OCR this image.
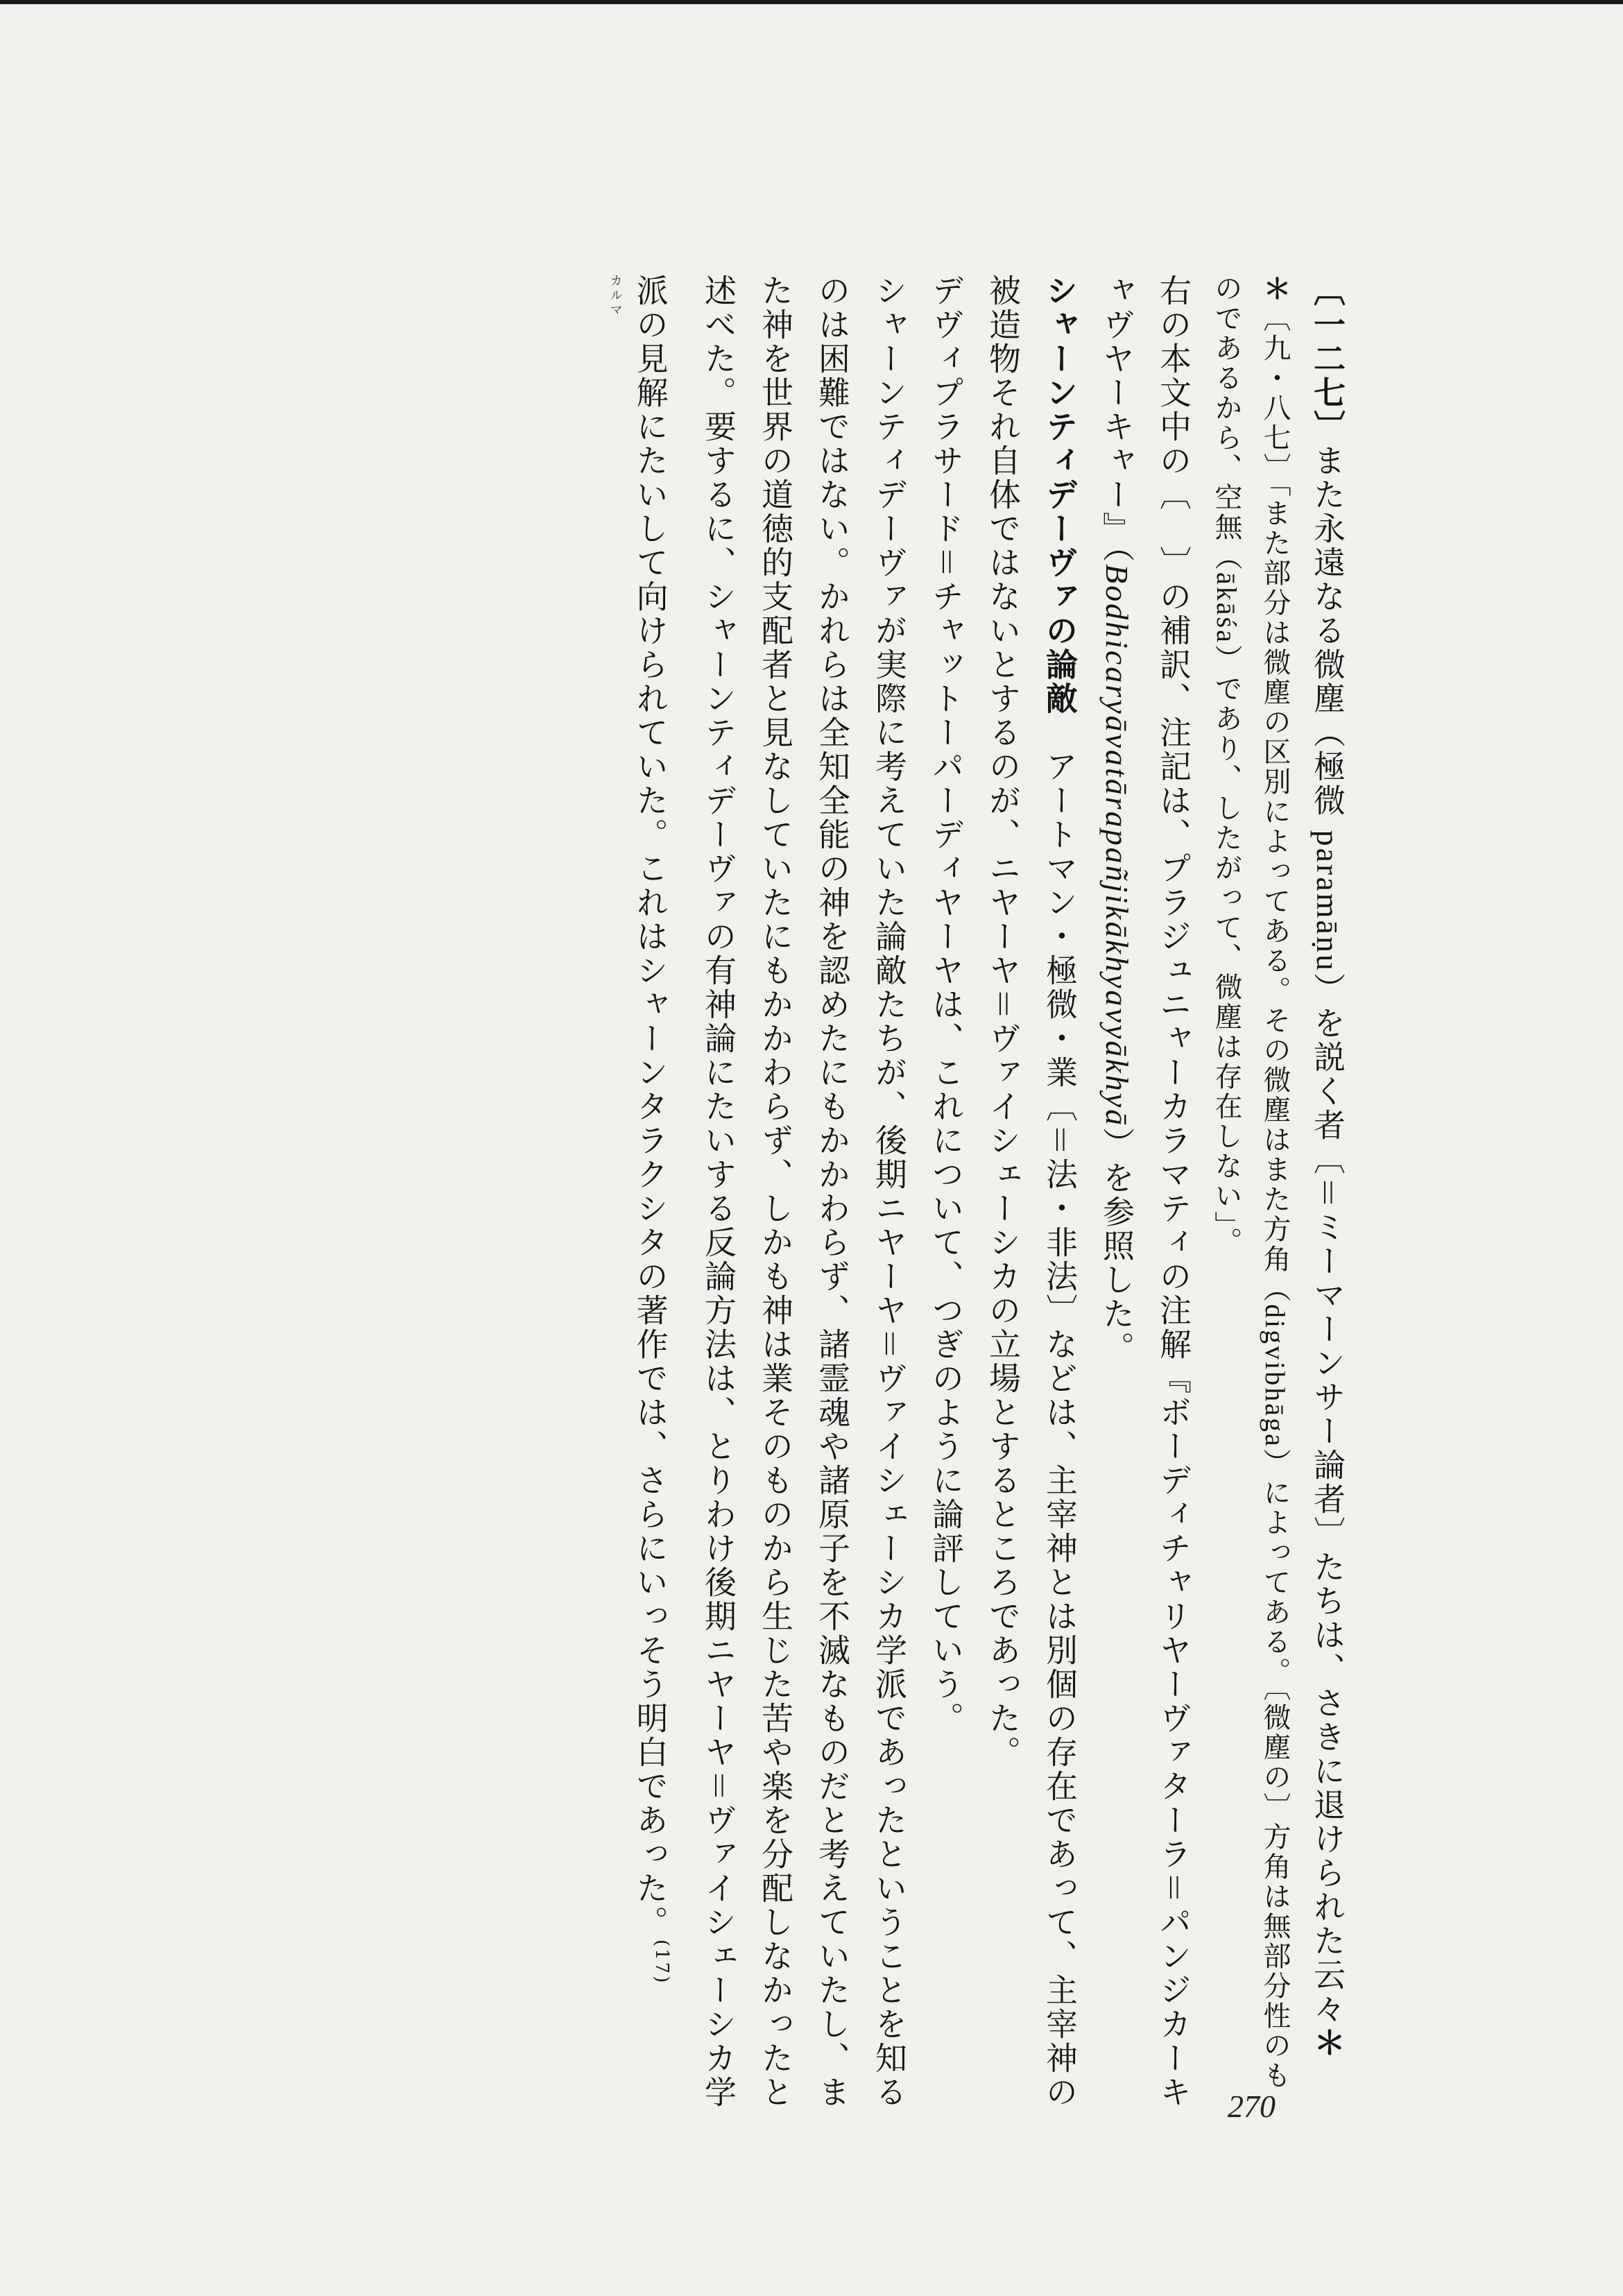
〔一二七〕また永遠なる微塵（極微 paramāṇu）を説く者〔＝ミーマーンサー論者〕たちは、さきに退けられた云々＊

＊〔九・八七〕「また部分は微塵の区別によってある。その微塵はまた方角（digvibhāga）によってある。〔微塵の〕方角は無部分性のものであるから、空無（ākāśa）であり、したがって、微塵は存在しない」。

右の本文中の〔　〕の補訳、注記は、プラジュニャーカラマティの注解『ボーディチャリヤーヴァターラ＝パンジカーキャヴヤーキャー』（Bodhicaryāvatārapañjikākhyavyākhyā）を参照した。

シャーンティデーヴァの論敵　アートマン・極微・業〔＝法・非法〕などは、主宰神とは別個の存在であって、主宰神の被造物それ自体ではないとするのが、ニヤーヤ＝ヴァイシェーシカの立場とするところであった。

デヴィプラサード＝チャットーパーディヤーヤは、これについて、つぎのように論評していう。

シャーンティデーヴァが実際に考えていた論敵たちが、後期ニヤーヤ＝ヴァイシェーシカ学派であったということを知るのは困難ではない。かれらは全知全能の神を認めたにもかかわらず、諸霊魂や諸原子を不滅なものだと考えていたし、また神を世界の道徳的支配者と見なしていたにもかかわらず、しかも神は業そのものから生じた苦や楽を分配しなかったと述べた。要するに、シャーンティデーヴァの有神論にたいする反論方法は、とりわけ後期ニヤーヤ＝ヴァイシェーシカ学派の見解にたいして向けられていた。これはシャーンタラクシタの著作では、さらにいっそう明白であった。$^{(17)}$

カルマ

270
